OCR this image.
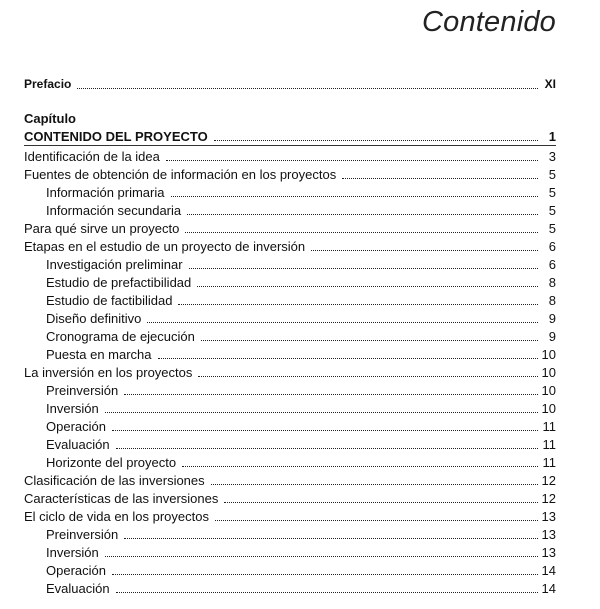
Contenido
Prefacio	XI
Capítulo
CONTENIDO DEL PROYECTO	1
Identificación de la idea	3
Fuentes de obtención de información en los proyectos	5
Información primaria	5
Información secundaria	5
Para qué sirve un proyecto	5
Etapas en el estudio de un proyecto de inversión	6
Investigación preliminar	6
Estudio de prefactibilidad	8
Estudio de factibilidad	8
Diseño definitivo	9
Cronograma de ejecución	9
Puesta en marcha	10
La inversión en los proyectos	10
Preinversión	10
Inversión	10
Operación	11
Evaluación	11
Horizonte del proyecto	11
Clasificación de las inversiones	12
Características de las inversiones	12
El ciclo de vida en los proyectos	13
Preinversión	13
Inversión	13
Operación	14
Evaluación	14
